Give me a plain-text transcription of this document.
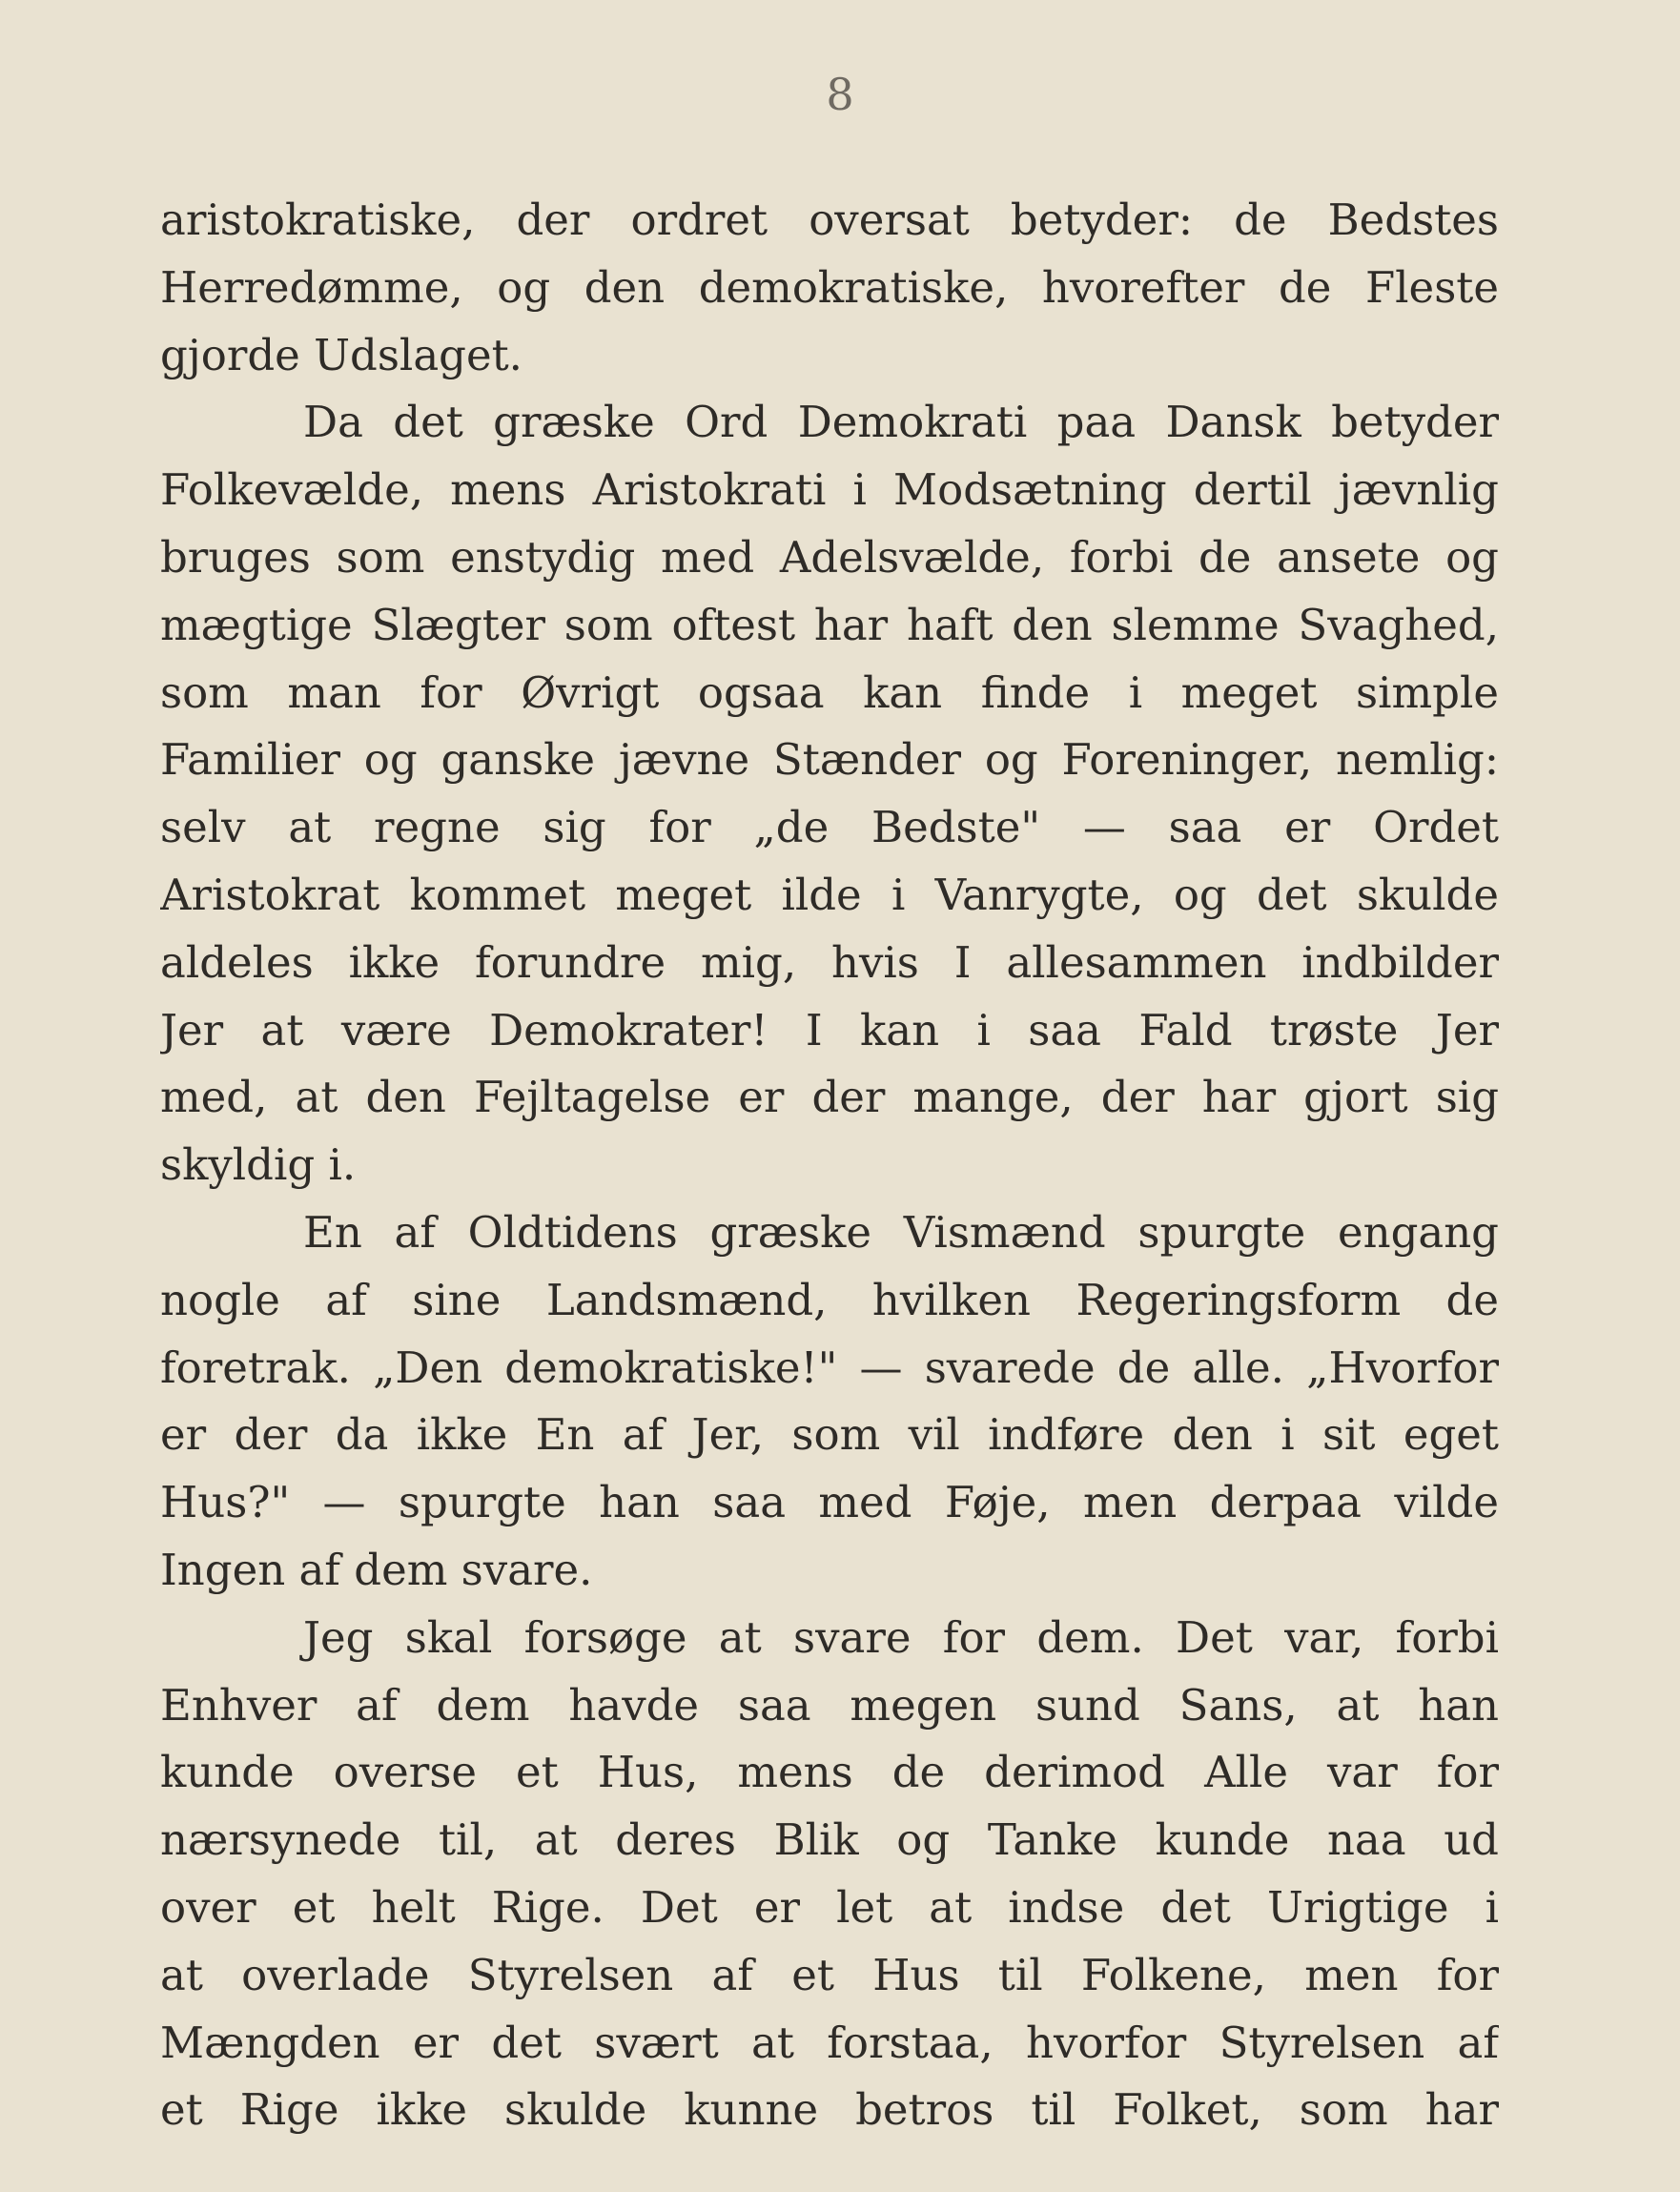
8
aristokratiske, der ordret oversat betyder: de Bedstes
Herredømme, og den demokratiske, hvorefter de Fleste
gjorde Udslaget.
Da det græske Ord Demokrati paa Dansk betyder
Folkevælde, mens Aristokrati i Modsætning dertil jævnlig
bruges som enstydig med Adelsvælde, forbi de ansete og
mægtige Slægter som oftest har haft den slemme Svaghed,
som man for Øvrigt ogsaa kan finde i meget simple
Familier og ganske jævne Stænder og Foreninger, nemlig:
selv at regne sig for „de Bedste" — saa er Ordet
Aristokrat kommet meget ilde i Vanrygte, og det skulde
aldeles ikke forundre mig, hvis I allesammen indbilder
Jer at være Demokrater! I kan i saa Fald trøste Jer
med, at den Fejltagelse er der mange, der har gjort sig
skyldig i.
En af Oldtidens græske Vismænd spurgte engang
nogle af sine Landsmænd, hvilken Regeringsform de
foretrak. „Den demokratiske!" — svarede de alle. „Hvorfor
er der da ikke En af Jer, som vil indføre den i sit eget
Hus?" — spurgte han saa med Føje, men derpaa vilde
Ingen af dem svare.
Jeg skal forsøge at svare for dem. Det var, forbi
Enhver af dem havde saa megen sund Sans, at han
kunde overse et Hus, mens de derimod Alle var for
nærsynede til, at deres Blik og Tanke kunde naa ud
over et helt Rige. Det er let at indse det Urigtige i
at overlade Styrelsen af et Hus til Folkene, men for
Mængden er det svært at forstaa, hvorfor Styrelsen af
et Rige ikke skulde kunne betros til Folket, som har
